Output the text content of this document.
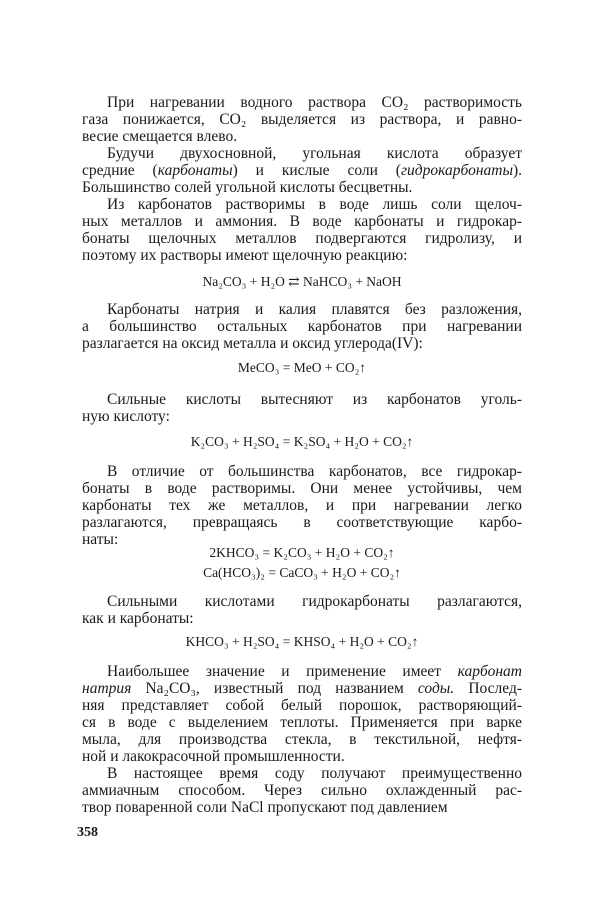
При нагревании водного раствора CO₂ растворимость
газа понижается, CO₂ выделяется из раствора, и равно-
весие смещается влево.
Будучи двухосновной, угольная кислота образует
средние (карбонаты) и кислые соли (гидрокарбонаты).
Большинство солей угольной кислоты бесцветны.
Из карбонатов растворимы в воде лишь соли щелоч-
ных металлов и аммония. В воде карбонаты и гидрокар-
бонаты щелочных металлов подвергаются гидролизу, и
поэтому их растворы имеют щелочную реакцию:
Na₂CO₃ + H₂O ⇄ NaHCO₃ + NaOH
Карбонаты натрия и калия плавятся без разложения,
а большинство остальных карбонатов при нагревании
разлагается на оксид металла и оксид углерода(IV):
MeCO₃ = MeO + CO₂↑
Сильные кислоты вытесняют из карбонатов уголь-
ную кислоту:
K₂CO₃ + H₂SO₄ = K₂SO₄ + H₂O + CO₂↑
В отличие от большинства карбонатов, все гидрокар-
бонаты в воде растворимы. Они менее устойчивы, чем
карбонаты тех же металлов, и при нагревании легко
разлагаются, превращаясь в соответствующие карбо-
наты:
2KHCO₃ = K₂CO₃ + H₂O + CO₂↑
Ca(HCO₃)₂ = CaCO₃ + H₂O + CO₂↑
Сильными кислотами гидрокарбонаты разлагаются,
как и карбонаты:
KHCO₃ + H₂SO₄ = KHSO₄ + H₂O + CO₂↑
Наибольшее значение и применение имеет карбонат
натрия Na₂CO₃, известный под названием соды. Послед-
няя представляет собой белый порошок, растворяющий-
ся в воде с выделением теплоты. Применяется при варке
мыла, для производства стекла, в текстильной, нефтя-
ной и лакокрасочной промышленности.
В настоящее время соду получают преимущественно
аммиачным способом. Через сильно охлажденный рас-
твор поваренной соли NaCl пропускают под давлением
358
